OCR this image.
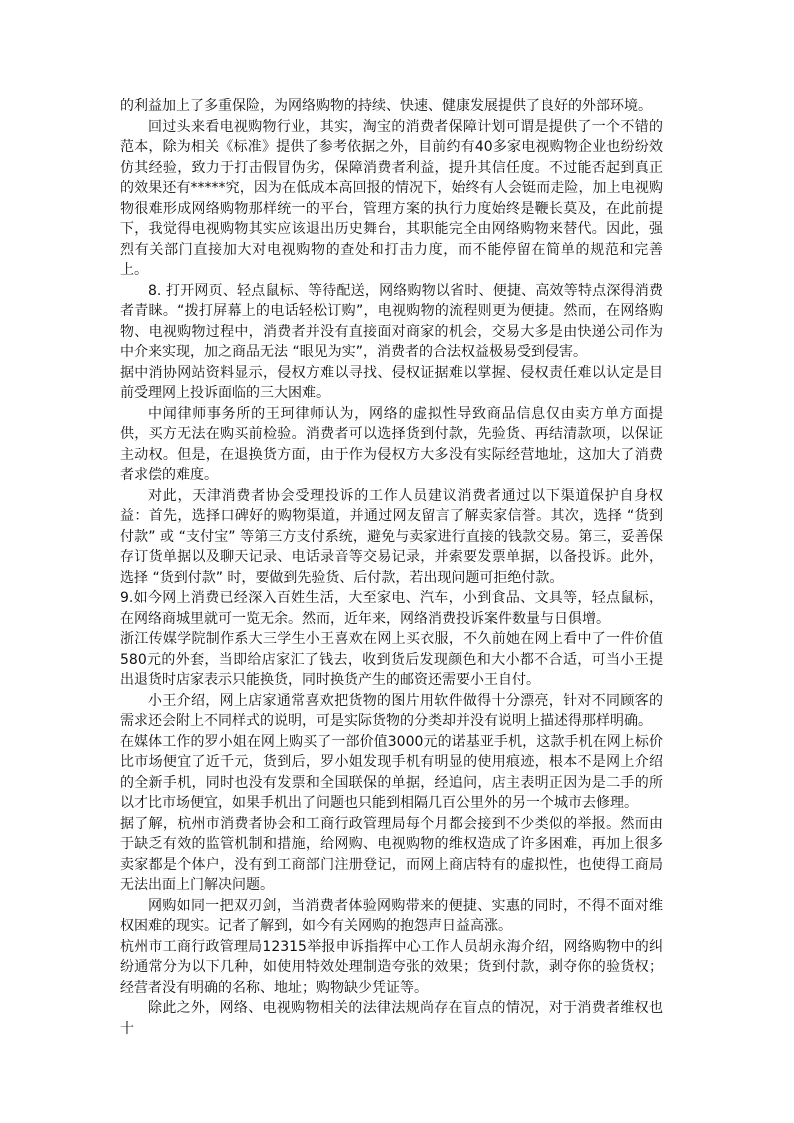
的利益加上了多重保险，为网络购物的持续、快速、健康发展提供了良好的外部环境。

回过头来看电视购物行业，其实，淘宝的消费者保障计划可谓是提供了一个不错的范本，除为相关《标准》提供了参考依据之外，目前约有40多家电视购物企业也纷纷效仿其经验，致力于打击假冒伪劣，保障消费者利益，提升其信任度。不过能否起到真正的效果还有*****究，因为在低成本高回报的情况下，始终有人会铤而走险，加上电视购物很难形成网络购物那样统一的平台，管理方案的执行力度始终是鞭长莫及，在此前提下，我觉得电视购物其实应该退出历史舞台，其职能完全由网络购物来替代。因此，强烈有关部门直接加大对电视购物的查处和打击力度，而不能停留在简单的规范和完善上。

8. 打开网页、轻点鼠标、等待配送，网络购物以省时、便捷、高效等特点深得消费者青睐。“拨打屏幕上的电话轻松订购”，电视购物的流程则更为便捷。然而，在网络购物、电视购物过程中，消费者并没有直接面对商家的机会，交易大多是由快递公司作为中介来实现，加之商品无法 “眼见为实”，消费者的合法权益极易受到侵害。

据中消协网站资料显示，侵权方难以寻找、侵权证据难以掌握、侵权责任难以认定是目前受理网上投诉面临的三大困难。

中闻律师事务所的王珂律师认为，网络的虚拟性导致商品信息仅由卖方单方面提供，买方无法在购买前检验。消费者可以选择货到付款，先验货、再结清款项，以保证主动权。但是，在退换货方面，由于作为侵权方大多没有实际经营地址，这加大了消费者求偿的难度。

对此，天津消费者协会受理投诉的工作人员建议消费者通过以下渠道保护自身权益：首先，选择口碑好的购物渠道，并通过网友留言了解卖家信誉。其次，选择 “货到付款” 或 “支付宝” 等第三方支付系统，避免与卖家进行直接的钱款交易。第三，妥善保存订货单据以及聊天记录、电话录音等交易记录，并索要发票单据，以备投诉。此外，选择 “货到付款” 时，要做到先验货、后付款，若出现问题可拒绝付款。

9.如今网上消费已经深入百姓生活，大至家电、汽车，小到食品、文具等，轻点鼠标，在网络商城里就可一览无余。然而，近年来，网络消费投诉案件数量与日俱增。

浙江传媒学院制作系大三学生小王喜欢在网上买衣服，不久前她在网上看中了一件价值580元的外套，当即给店家汇了钱去，收到货后发现颜色和大小都不合适，可当小王提出退货时店家表示只能换货，同时换货产生的邮资还需要小王自付。

小王介绍，网上店家通常喜欢把货物的图片用软件做得十分漂亮，针对不同顾客的需求还会附上不同样式的说明，可是实际货物的分类却并没有说明上描述得那样明确。

在媒体工作的罗小姐在网上购买了一部价值3000元的诺基亚手机，这款手机在网上标价比市场便宜了近千元，货到后，罗小姐发现手机有明显的使用痕迹，根本不是网上介绍的全新手机，同时也没有发票和全国联保的单据，经追问，店主表明正因为是二手的所以才比市场便宜，如果手机出了问题也只能到相隔几百公里外的另一个城市去修理。

据了解，杭州市消费者协会和工商行政管理局每个月都会接到不少类似的举报。然而由于缺乏有效的监管机制和措施，给网购、电视购物的维权造成了许多困难，再加上很多卖家都是个体户，没有到工商部门注册登记，而网上商店特有的虚拟性，也使得工商局无法出面上门解决问题。

网购如同一把双刃剑，当消费者体验网购带来的便捷、实惠的同时，不得不面对维权困难的现实。记者了解到，如今有关网购的抱怨声日益高涨。

杭州市工商行政管理局12315举报申诉指挥中心工作人员胡永海介绍，网络购物中的纠纷通常分为以下几种，如使用特效处理制造夸张的效果；货到付款，剥夺你的验货权；经营者没有明确的名称、地址；购物缺少凭证等。

除此之外，网络、电视购物相关的法律法规尚存在盲点的情况，对于消费者维权也十
